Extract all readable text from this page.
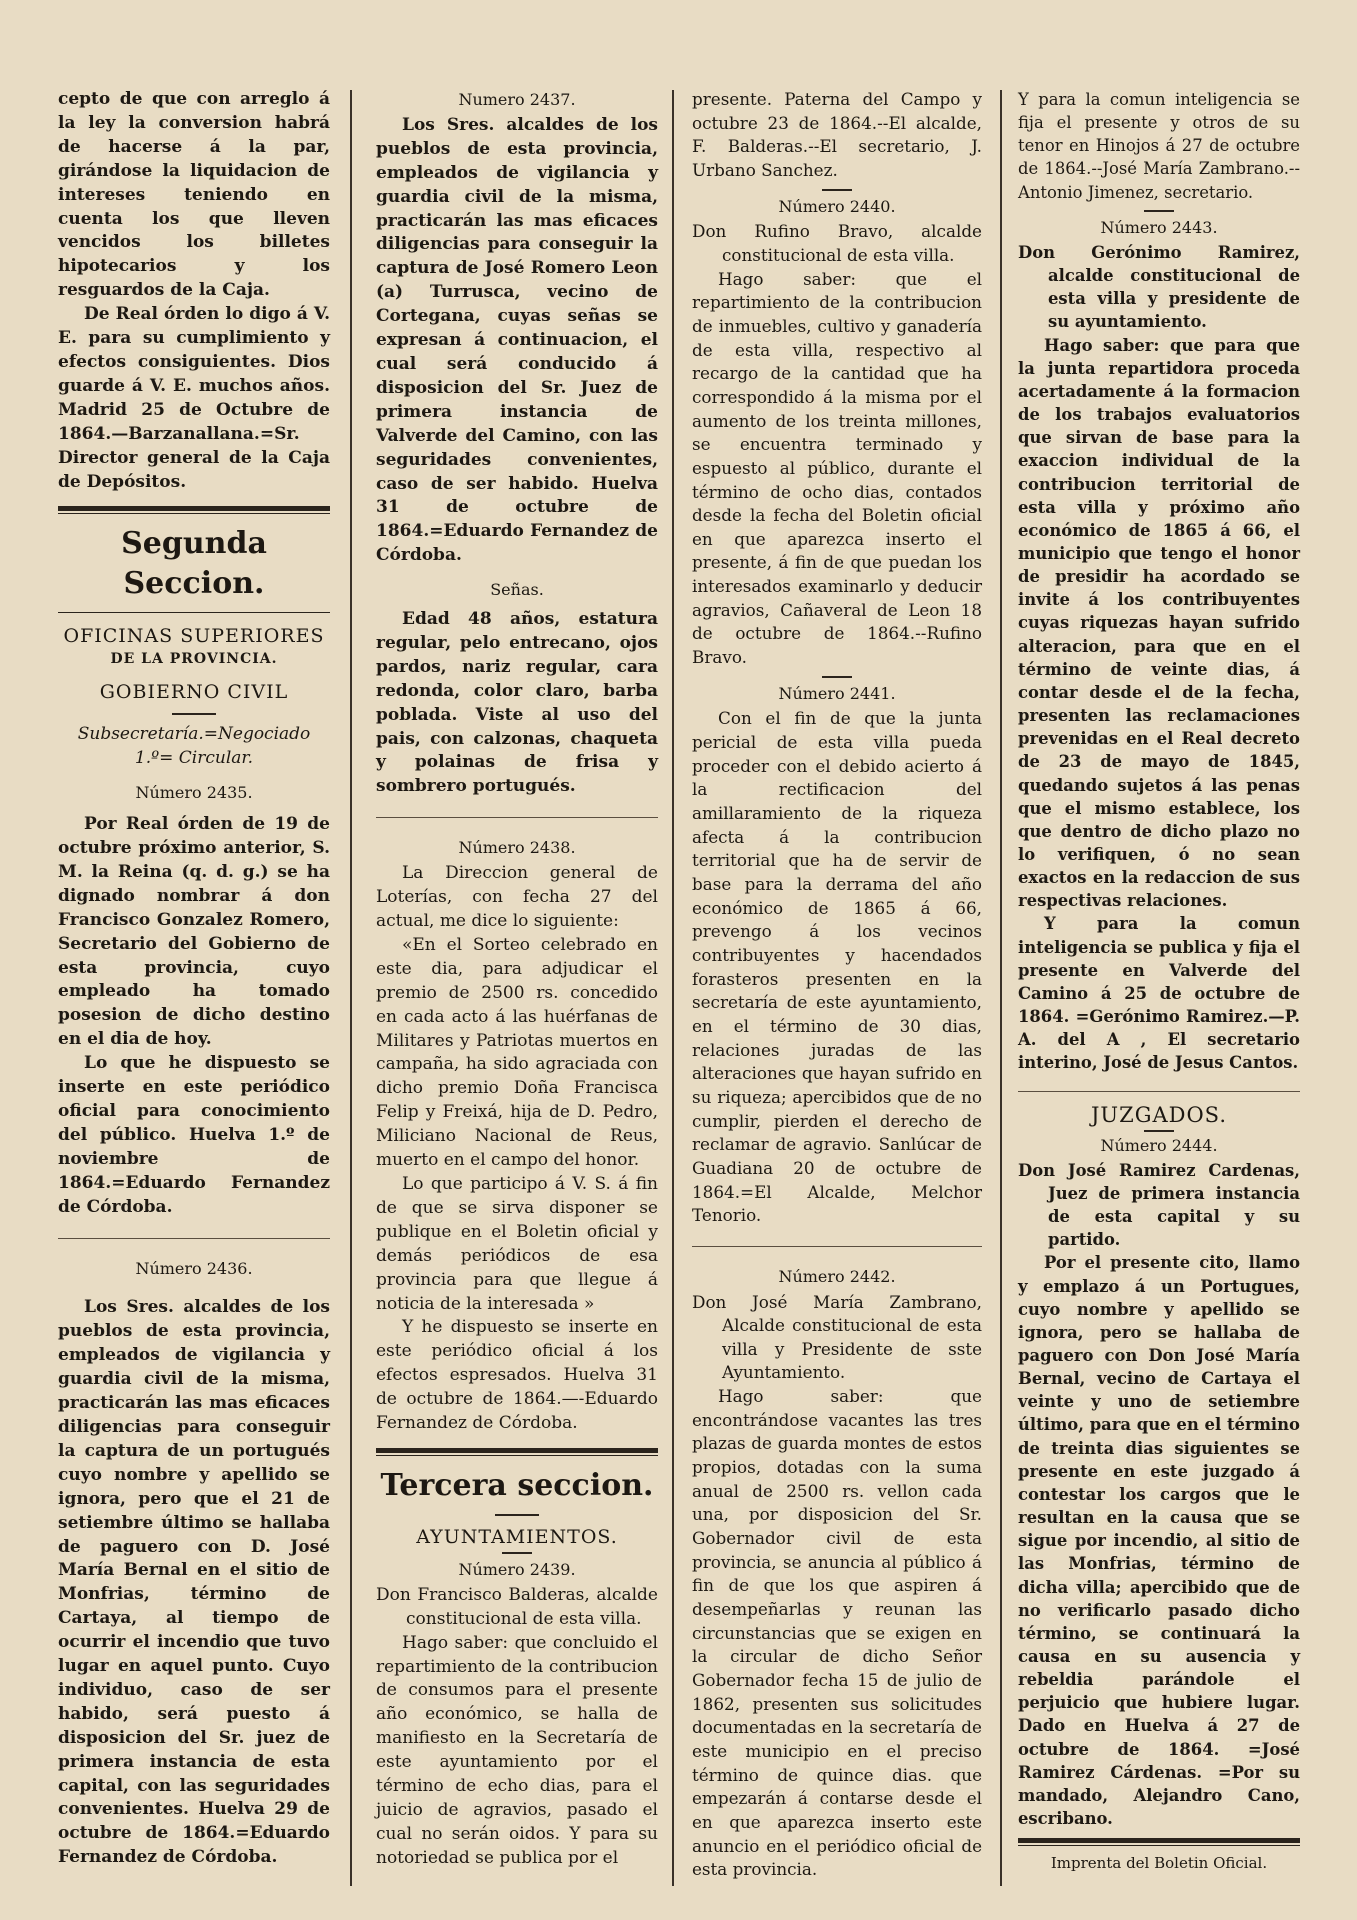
cepto de que con arreglo á la ley la conversion habrá de hacerse á la par, girándose la liquidacion de intereses teniendo en cuenta los que lleven vencidos los billetes hipotecarios y los resguardos de la Caja.

De Real órden lo digo á V. E. para su cumplimiento y efectos consiguientes. Dios guarde á V. E. muchos años. Madrid 25 de Octubre de 1864.—Barzanallana.=Sr. Director general de la Caja de Depósitos.

Segunda Seccion.
OFICINAS SUPERIORES
DE LA PROVINCIA.
GOBIERNO CIVIL

Subsecretaría.=Negociado 1.º= Circular.

Número 2435.

Por Real órden de 19 de octubre próximo anterior, S. M. la Reina (q. d. g.) se ha dignado nombrar á don Francisco Gonzalez Romero, Secretario del Gobierno de esta provincia, cuyo empleado ha tomado posesion de dicho destino en el dia de hoy.

Lo que he dispuesto se inserte en este periódico oficial para conocimiento del público. Huelva 1.º de noviembre de 1864.=Eduardo Fernandez de Córdoba.

Número 2436.

Los Sres. alcaldes de los pueblos de esta provincia, empleados de vigilancia y guardia civil de la misma, practicarán las mas eficaces diligencias para conseguir la captura de un portugués cuyo nombre y apellido se ignora, pero que el 21 de setiembre último se hallaba de paguero con D. José María Bernal en el sitio de Monfrias, término de Cartaya, al tiempo de ocurrir el incendio que tuvo lugar en aquel punto. Cuyo individuo, caso de ser habido, será puesto á disposicion del Sr. juez de primera instancia de esta capital, con las seguridades convenientes. Huelva 29 de octubre de 1864.=Eduardo Fernandez de Córdoba.

Numero 2437.

Los Sres. alcaldes de los pueblos de esta provincia, empleados de vigilancia y guardia civil de la misma, practicarán las mas eficaces diligencias para conseguir la captura de José Romero Leon (a) Turrusca, vecino de Cortegana, cuyas señas se expresan á continuacion, el cual será conducido á disposicion del Sr. Juez de primera instancia de Valverde del Camino, con las seguridades convenientes, caso de ser habido. Huelva 31 de octubre de 1864.=Eduardo Fernandez de Córdoba.

Señas.

Edad 48 años, estatura regular, pelo entrecano, ojos pardos, nariz regular, cara redonda, color claro, barba poblada. Viste al uso del pais, con calzonas, chaqueta y polainas de frisa y sombrero portugués.

Número 2438.

La Direccion general de Loterías, con fecha 27 del actual, me dice lo siguiente:

«En el Sorteo celebrado en este dia, para adjudicar el premio de 2500 rs. concedido en cada acto á las huérfanas de Militares y Patriotas muertos en campaña, ha sido agraciada con dicho premio Doña Francisca Felip y Freixá, hija de D. Pedro, Miliciano Nacional de Reus, muerto en el campo del honor.

Lo que participo á V. S. á fin de que se sirva disponer se publique en el Boletin oficial y demás periódicos de esa provincia para que llegue á noticia de la interesada »

Y he dispuesto se inserte en este periódico oficial á los efectos espresados. Huelva 31 de octubre de 1864.—-Eduardo Fernandez de Córdoba.

Tercera seccion.
AYUNTAMIENTOS.

Número 2439.

Don Francisco Balderas, alcalde constitucional de esta villa.

Hago saber: que concluido el repartimiento de la contribucion de consumos para el presente año económico, se halla de manifiesto en la Secretaría de este ayuntamiento por el término de echo dias, para el juicio de agravios, pasado el cual no serán oidos. Y para su notoriedad se publica por el

presente. Paterna del Campo y octubre 23 de 1864.--El alcalde, F. Balderas.--El secretario, J. Urbano Sanchez.

Número 2440.

Don Rufino Bravo, alcalde constitucional de esta villa.

Hago saber: que el repartimiento de la contribucion de inmuebles, cultivo y ganadería de esta villa, respectivo al recargo de la cantidad que ha correspondido á la misma por el aumento de los treinta millones, se encuentra terminado y espuesto al público, durante el término de ocho dias, contados desde la fecha del Boletin oficial en que aparezca inserto el presente, á fin de que puedan los interesados examinarlo y deducir agravios, Cañaveral de Leon 18 de octubre de 1864.--Rufino Bravo.

Número 2441.

Con el fin de que la junta pericial de esta villa pueda proceder con el debido acierto á la rectificacion del amillaramiento de la riqueza afecta á la contribucion territorial que ha de servir de base para la derrama del año económico de 1865 á 66, prevengo á los vecinos contribuyentes y hacendados forasteros presenten en la secretaría de este ayuntamiento, en el término de 30 dias, relaciones juradas de las alteraciones que hayan sufrido en su riqueza; apercibidos que de no cumplir, pierden el derecho de reclamar de agravio. Sanlúcar de Guadiana 20 de octubre de 1864.=El Alcalde, Melchor Tenorio.

Número 2442.

Don José María Zambrano, Alcalde constitucional de esta villa y Presidente de sste Ayuntamiento.

Hago saber: que encontrándose vacantes las tres plazas de guarda montes de estos propios, dotadas con la suma anual de 2500 rs. vellon cada una, por disposicion del Sr. Gobernador civil de esta provincia, se anuncia al público á fin de que los que aspiren á desempeñarlas y reunan las circunstancias que se exigen en la circular de dicho Señor Gobernador fecha 15 de julio de 1862, presenten sus solicitudes documentadas en la secretaría de este municipio en el preciso término de quince dias. que empezarán á contarse desde el en que aparezca inserto este anuncio en el periódico oficial de esta provincia.

Y para la comun inteligencia se fija el presente y otros de su tenor en Hinojos á 27 de octubre de 1864.--José María Zambrano.-- Antonio Jimenez, secretario.

Número 2443.

Don Gerónimo Ramirez, alcalde constitucional de esta villa y presidente de su ayuntamiento.

Hago saber: que para que la junta repartidora proceda acertadamente á la formacion de los trabajos evaluatorios que sirvan de base para la exaccion individual de la contribucion territorial de esta villa y próximo año económico de 1865 á 66, el municipio que tengo el honor de presidir ha acordado se invite á los contribuyentes cuyas riquezas hayan sufrido alteracion, para que en el término de veinte dias, á contar desde el de la fecha, presenten las reclamaciones prevenidas en el Real decreto de 23 de mayo de 1845, quedando sujetos á las penas que el mismo establece, los que dentro de dicho plazo no lo verifiquen, ó no sean exactos en la redaccion de sus respectivas relaciones.

Y para la comun inteligencia se publica y fija el presente en Valverde del Camino á 25 de octubre de 1864. =Gerónimo Ramirez.—P. A. del A , El secretario interino, José de Jesus Cantos.

JUZGADOS.

Número 2444.

Don José Ramirez Cardenas, Juez de primera instancia de esta capital y su partido.

Por el presente cito, llamo y emplazo á un Portugues, cuyo nombre y apellido se ignora, pero se hallaba de paguero con Don José María Bernal, vecino de Cartaya el veinte y uno de setiembre último, para que en el término de treinta dias siguientes se presente en este juzgado á contestar los cargos que le resultan en la causa que se sigue por incendio, al sitio de las Monfrias, término de dicha villa; apercibido que de no verificarlo pasado dicho término, se continuará la causa en su ausencia y rebeldia parándole el perjuicio que hubiere lugar. Dado en Huelva á 27 de octubre de 1864. =José Ramirez Cárdenas. =Por su mandado, Alejandro Cano, escribano.

Imprenta del Boletin Oficial.
